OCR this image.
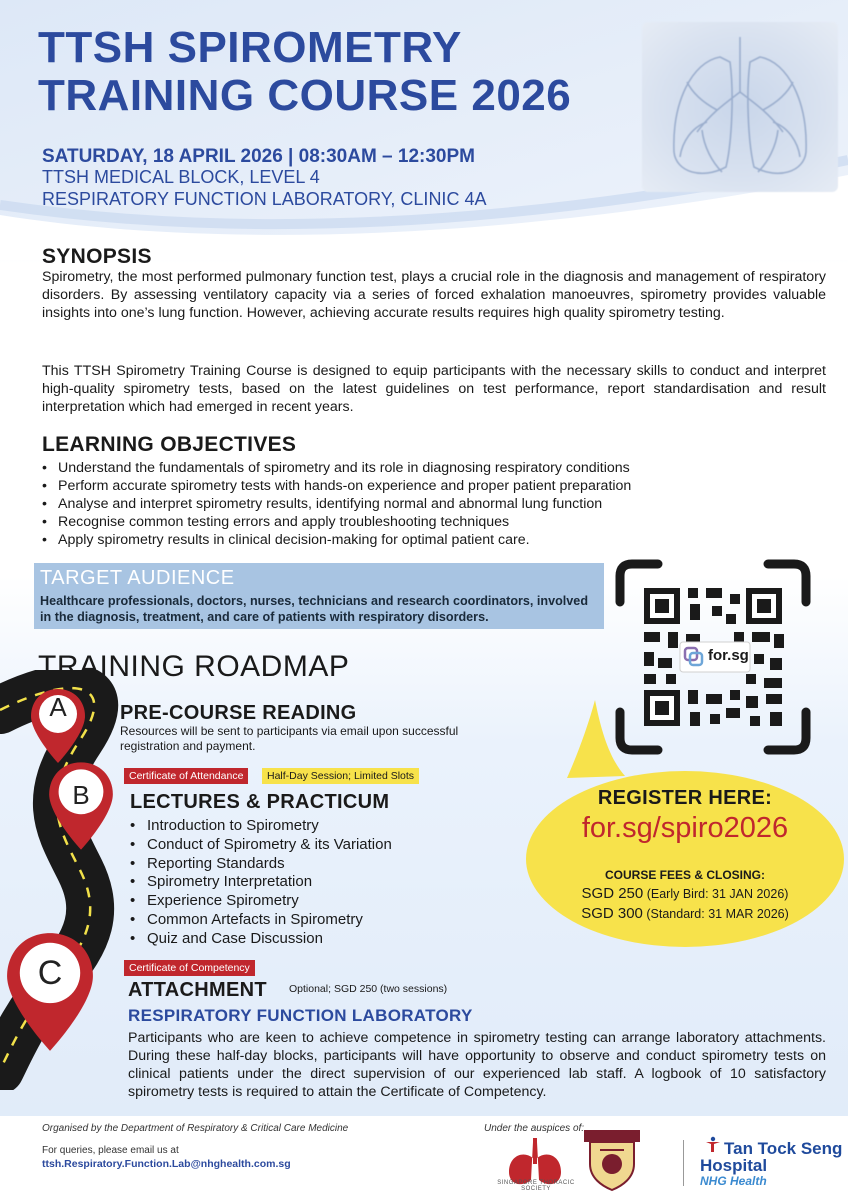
TTSH SPIROMETRY
TRAINING COURSE 2026
SATURDAY, 18 APRIL 2026 | 08:30AM – 12:30PM
TTSH MEDICAL BLOCK, LEVEL 4
RESPIRATORY FUNCTION LABORATORY, CLINIC 4A
SYNOPSIS

Spirometry, the most performed pulmonary function test, plays a crucial role in the diagnosis and management of respiratory disorders. By assessing ventilatory capacity via a series of forced exhalation manoeuvres, spirometry provides valuable insights into one’s lung function. However, achieving accurate results requires high quality spirometry testing.

This TTSH Spirometry Training Course is designed to equip participants with the necessary skills to conduct and interpret high-quality spirometry tests, based on the latest guidelines on test performance, report standardisation and result interpretation which had emerged in recent years.

LEARNING OBJECTIVES
• Understand the fundamentals of spirometry and its role in diagnosing respiratory conditions
• Perform accurate spirometry tests with hands-on experience and proper patient preparation
• Analyse and interpret spirometry results, identifying normal and abnormal lung function
• Recognise common testing errors and apply troubleshooting techniques
• Apply spirometry results in clinical decision-making for optimal patient care.
TARGET AUDIENCE
Healthcare professionals, doctors, nurses, technicians and research coordinators, involved in the diagnosis, treatment, and care of patients with respiratory disorders.
TRAINING ROADMAP
A
B
C
PRE-COURSE READING
Resources will be sent to participants via email upon successful
registration and payment.
Certificate of Attendance	Half-Day Session; Limited Slots
LECTURES & PRACTICUM
• Introduction to Spirometry
• Conduct of Spirometry & its Variation
• Reporting Standards
• Spirometry Interpretation
• Experience Spirometry
• Common Artefacts in Spirometry
• Quiz and Case Discussion
Certificate of Competency
ATTACHMENT Optional; SGD 250 (two sessions)
RESPIRATORY FUNCTION LABORATORY

Participants who are keen to achieve competence in spirometry testing can arrange laboratory attachments. During these half-day blocks, participants will have opportunity to observe and conduct spirometry tests on clinical patients under the direct supervision of our experienced lab staff. A logbook of 10 satisfactory spirometry tests is required to attain the Certificate of Competency.

for.sg
REGISTER HERE:
for.sg/spiro2026
COURSE FEES & CLOSING:
SGD 250 (Early Bird: 31 JAN 2026)
SGD 300 (Standard: 31 MAR 2026)
Organised by the Department of Respiratory & Critical Care Medicine
For queries, please email us at
ttsh.Respiratory.Function.Lab@nhghealth.com.sg
Under the auspices of:
SINGAPORE THORACIC SOCIETY
Tan Tock Seng
Hospital
NHG Health
